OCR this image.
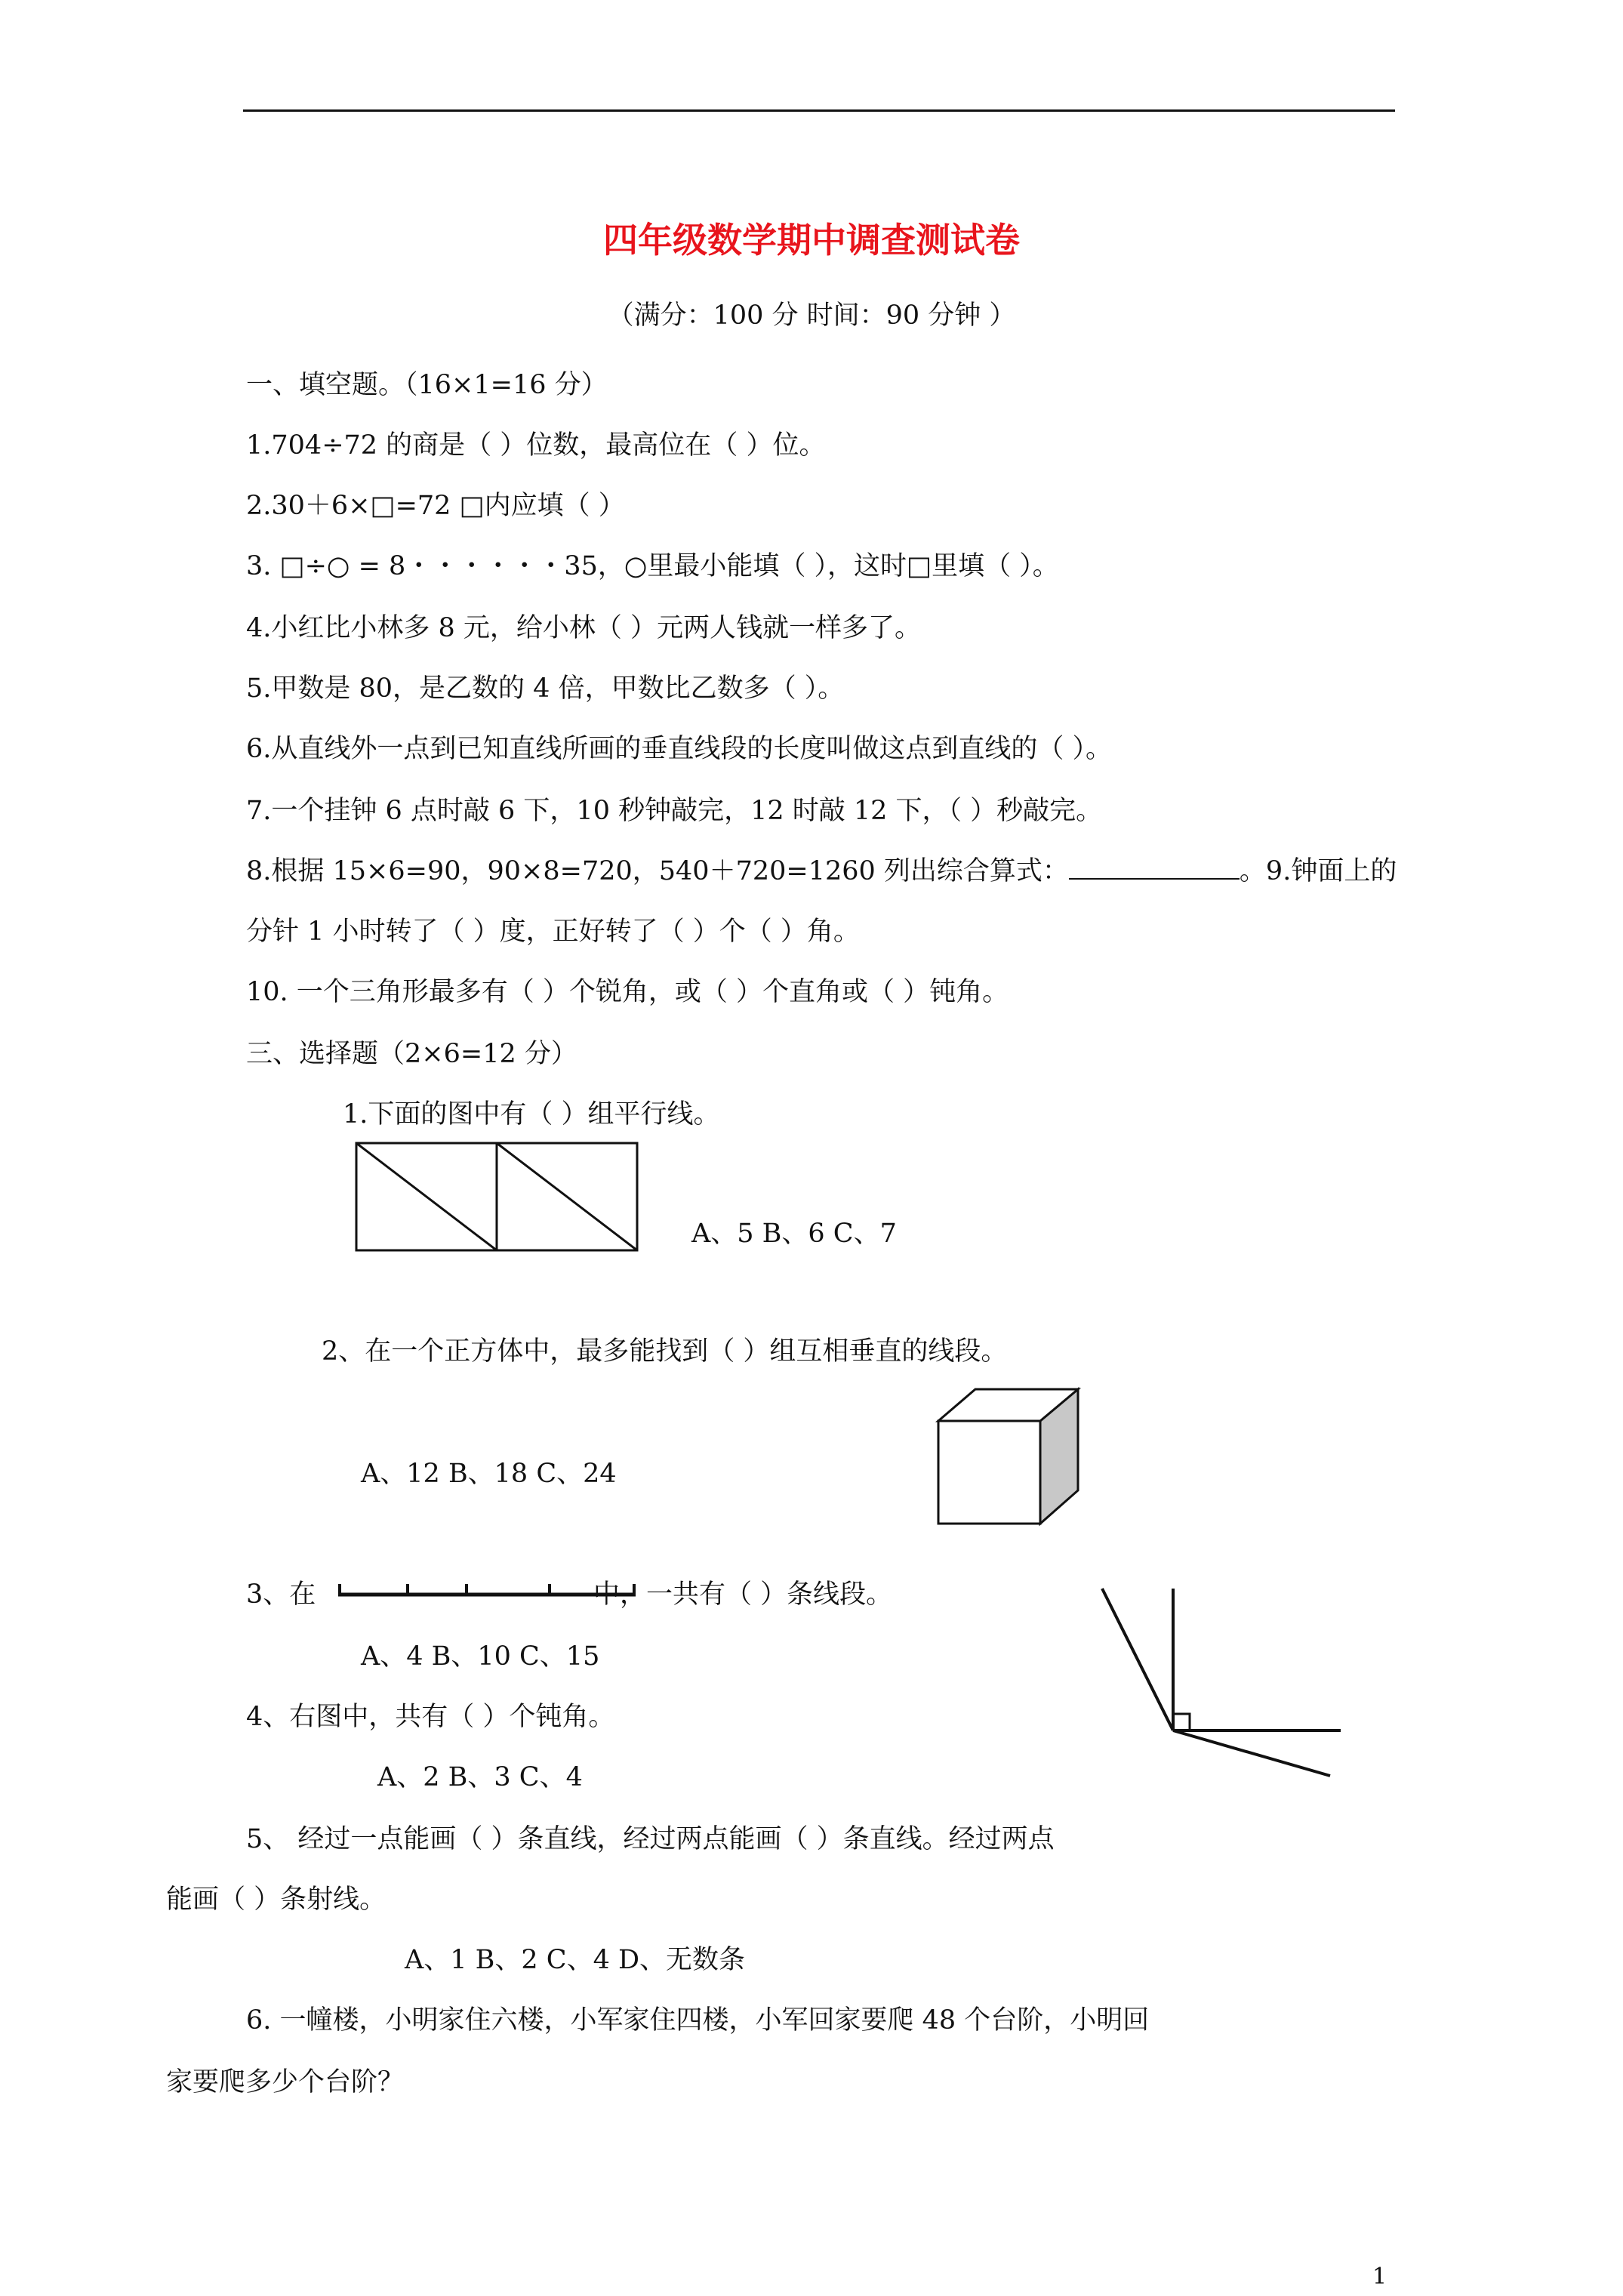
四年级数学期中调查测试卷
（满分：100 分 时间：90 分钟 ）
一、填空题。（16×1=16 分）
1.704÷72 的商是（ ）位数，最高位在（ ）位。
2.30＋6×□=72 □内应填（ ）
3. □÷○ = 8・・・・・・35，○里最小能填（ ），这时□里填（ ）。
4.小红比小林多 8 元，给小林（ ）元两人钱就一样多了。
5.甲数是 80，是乙数的 4 倍，甲数比乙数多（ ）。
6.从直线外一点到已知直线所画的垂直线段的长度叫做这点到直线的（ ）。
7.一个挂钟 6 点时敲 6 下，10 秒钟敲完，12 时敲 12 下，（ ）秒敲完。
8.根据 15×6=90，90×8=720，540＋720=1260 列出综合算式：	。9.钟面上的
分针 1 小时转了（ ）度，正好转了（ ）个（ ）角。
10. 一个三角形最多有（ ）个锐角，或（ ）个直角或（ ）钝角。
三、选择题（2×6=12 分）
1.下面的图中有（ ）组平行线。
A、5 B、6 C、7
2、在一个正方体中，最多能找到（ ）组互相垂直的线段。
A、12 B、18 C、24
3、在	中，一共有（ ）条线段。
A、4 B、10 C、15
4、右图中，共有（ ）个钝角。
A、2 B、3 C、4
5、 经过一点能画（ ）条直线，经过两点能画（ ）条直线。经过两点
能画（ ）条射线。
A、1 B、2 C、4 D、无数条
6. 一幢楼，小明家住六楼，小军家住四楼，小军回家要爬 48 个台阶，小明回
家要爬多少个台阶？
1
